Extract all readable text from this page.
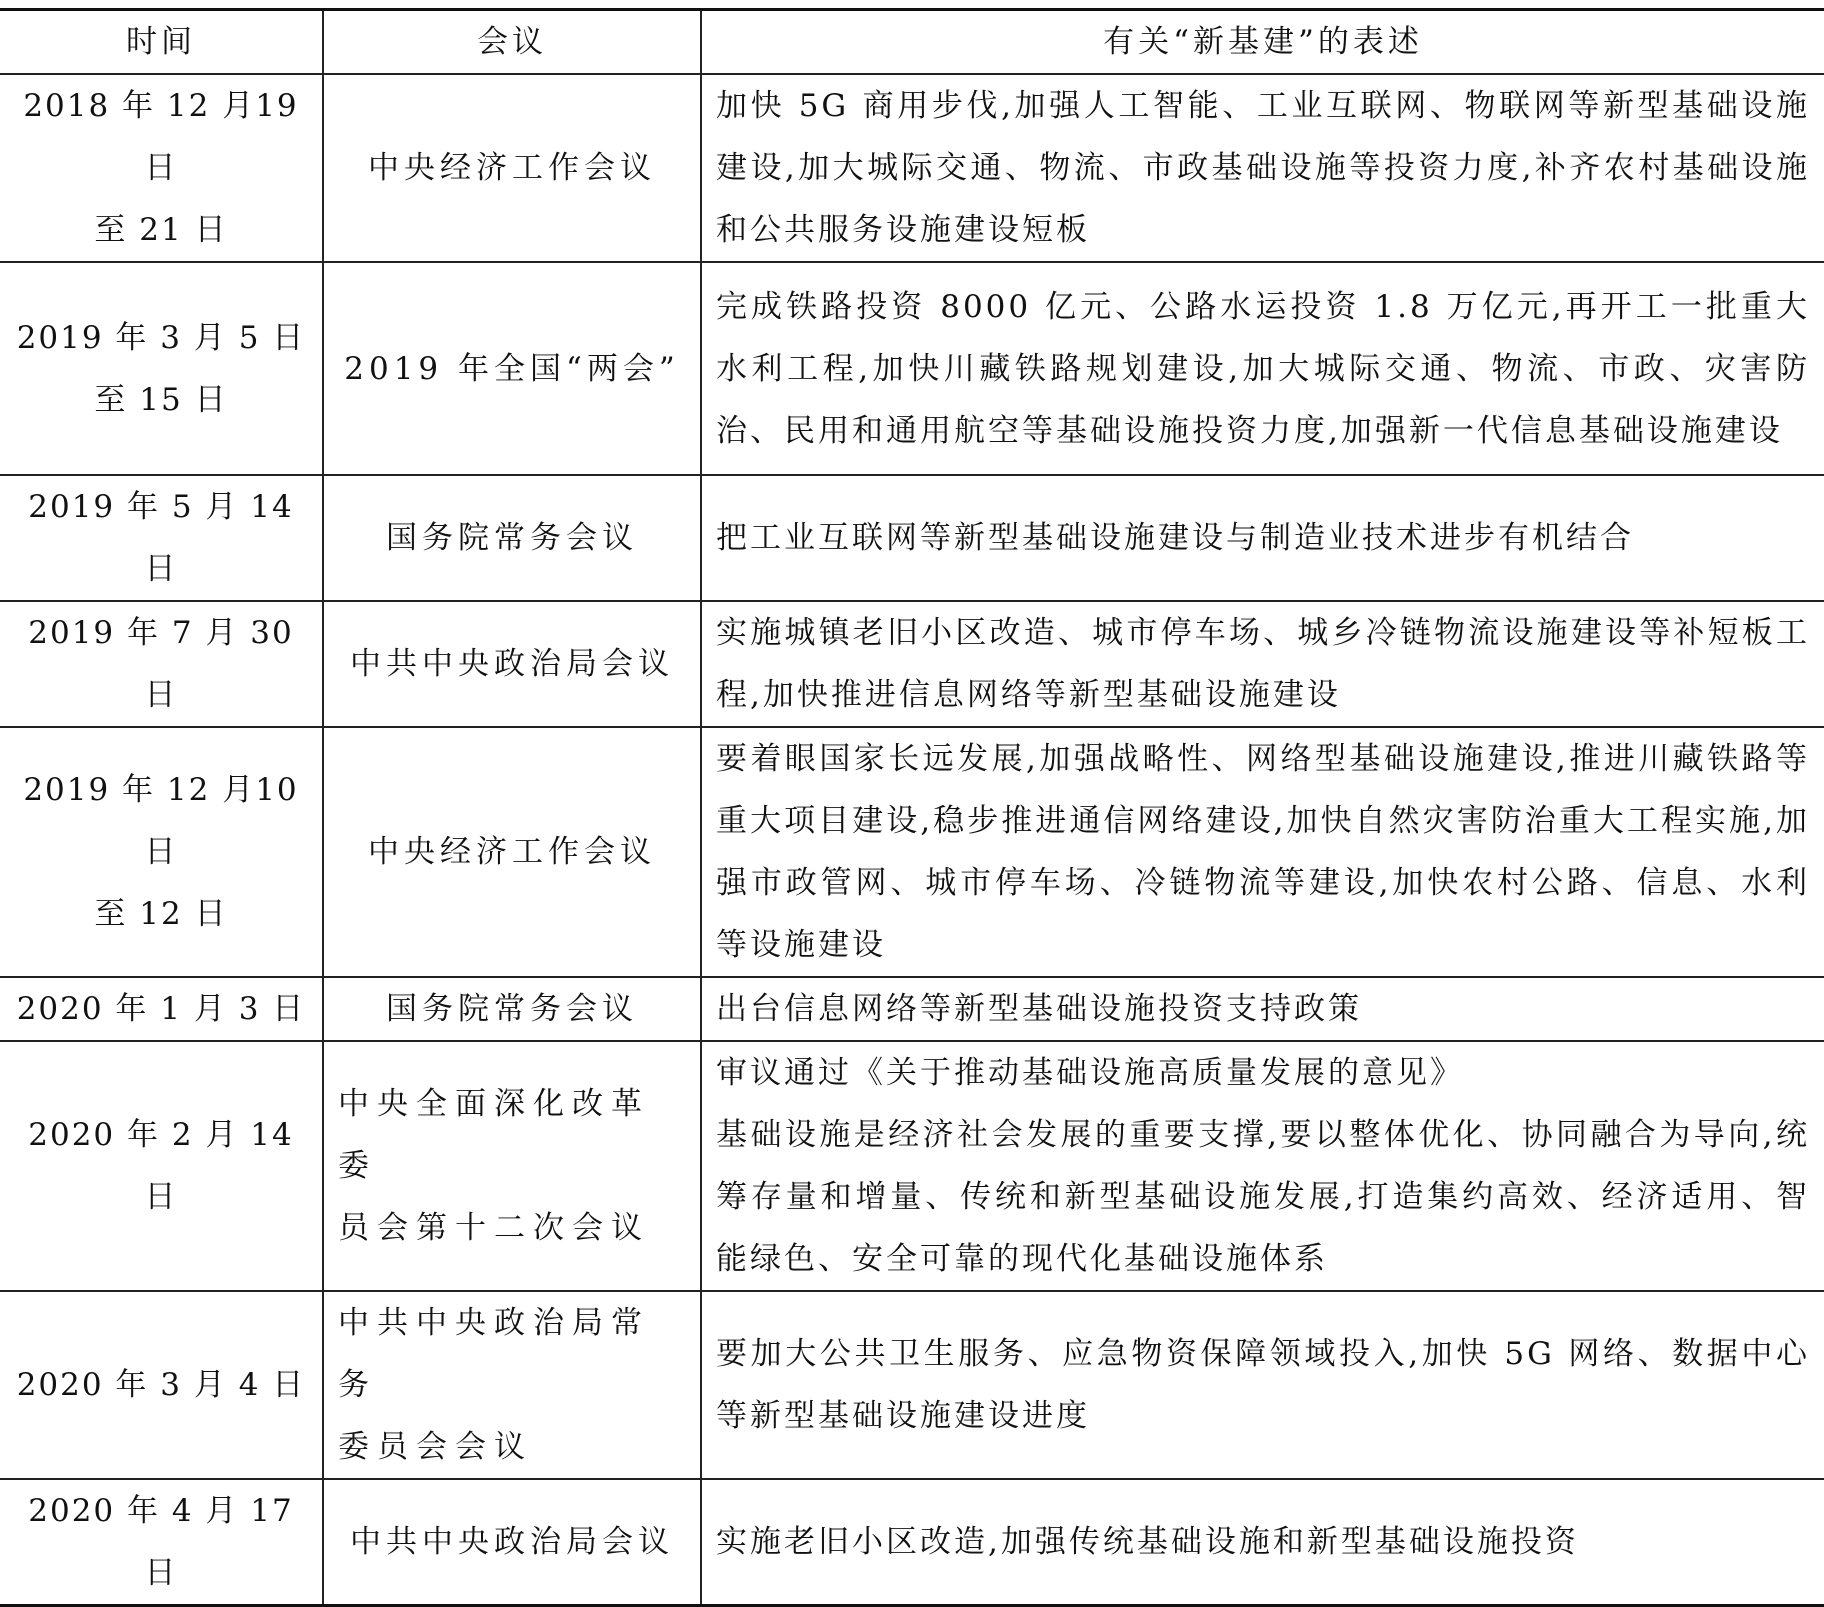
时间	会议	有关“新基建”的表述

2018 年 12 月19 日
至 21 日	中央经济工作会议	加快 5G 商用步伐,加强人工智能、工业互联网、物联网等新型基础设施建设,加大城际交通、物流、市政基础设施等投资力度,补齐农村基础设施和公共服务设施建设短板

2019 年 3 月 5 日
至 15 日	2019 年全国“两会”	完成铁路投资 8000 亿元、公路水运投资 1.8 万亿元,再开工一批重大水利工程,加快川藏铁路规划建设,加大城际交通、物流、市政、灾害防治、民用和通用航空等基础设施投资力度,加强新一代信息基础设施建设

2019 年 5 月 14 日	国务院常务会议	把工业互联网等新型基础设施建设与制造业技术进步有机结合

2019 年 7 月 30 日	中共中央政治局会议	实施城镇老旧小区改造、城市停车场、城乡冷链物流设施建设等补短板工程,加快推进信息网络等新型基础设施建设

2019 年 12 月10 日
至 12 日	中央经济工作会议	要着眼国家长远发展,加强战略性、网络型基础设施建设,推进川藏铁路等重大项目建设,稳步推进通信网络建设,加快自然灾害防治重大工程实施,加强市政管网、城市停车场、冷链物流等建设,加快农村公路、信息、水利等设施建设

2020 年 1 月 3 日	国务院常务会议	出台信息网络等新型基础设施投资支持政策

2020 年 2 月 14 日	中央全面深化改革委
员会第十二次会议	审议通过《关于推动基础设施高质量发展的意见》
基础设施是经济社会发展的重要支撑,要以整体优化、协同融合为导向,统筹存量和增量、传统和新型基础设施发展,打造集约高效、经济适用、智能绿色、安全可靠的现代化基础设施体系

2020 年 3 月 4 日	中共中央政治局常务
委员会会议	要加大公共卫生服务、应急物资保障领域投入,加快 5G 网络、数据中心等新型基础设施建设进度

2020 年 4 月 17 日	中共中央政治局会议	实施老旧小区改造,加强传统基础设施和新型基础设施投资
